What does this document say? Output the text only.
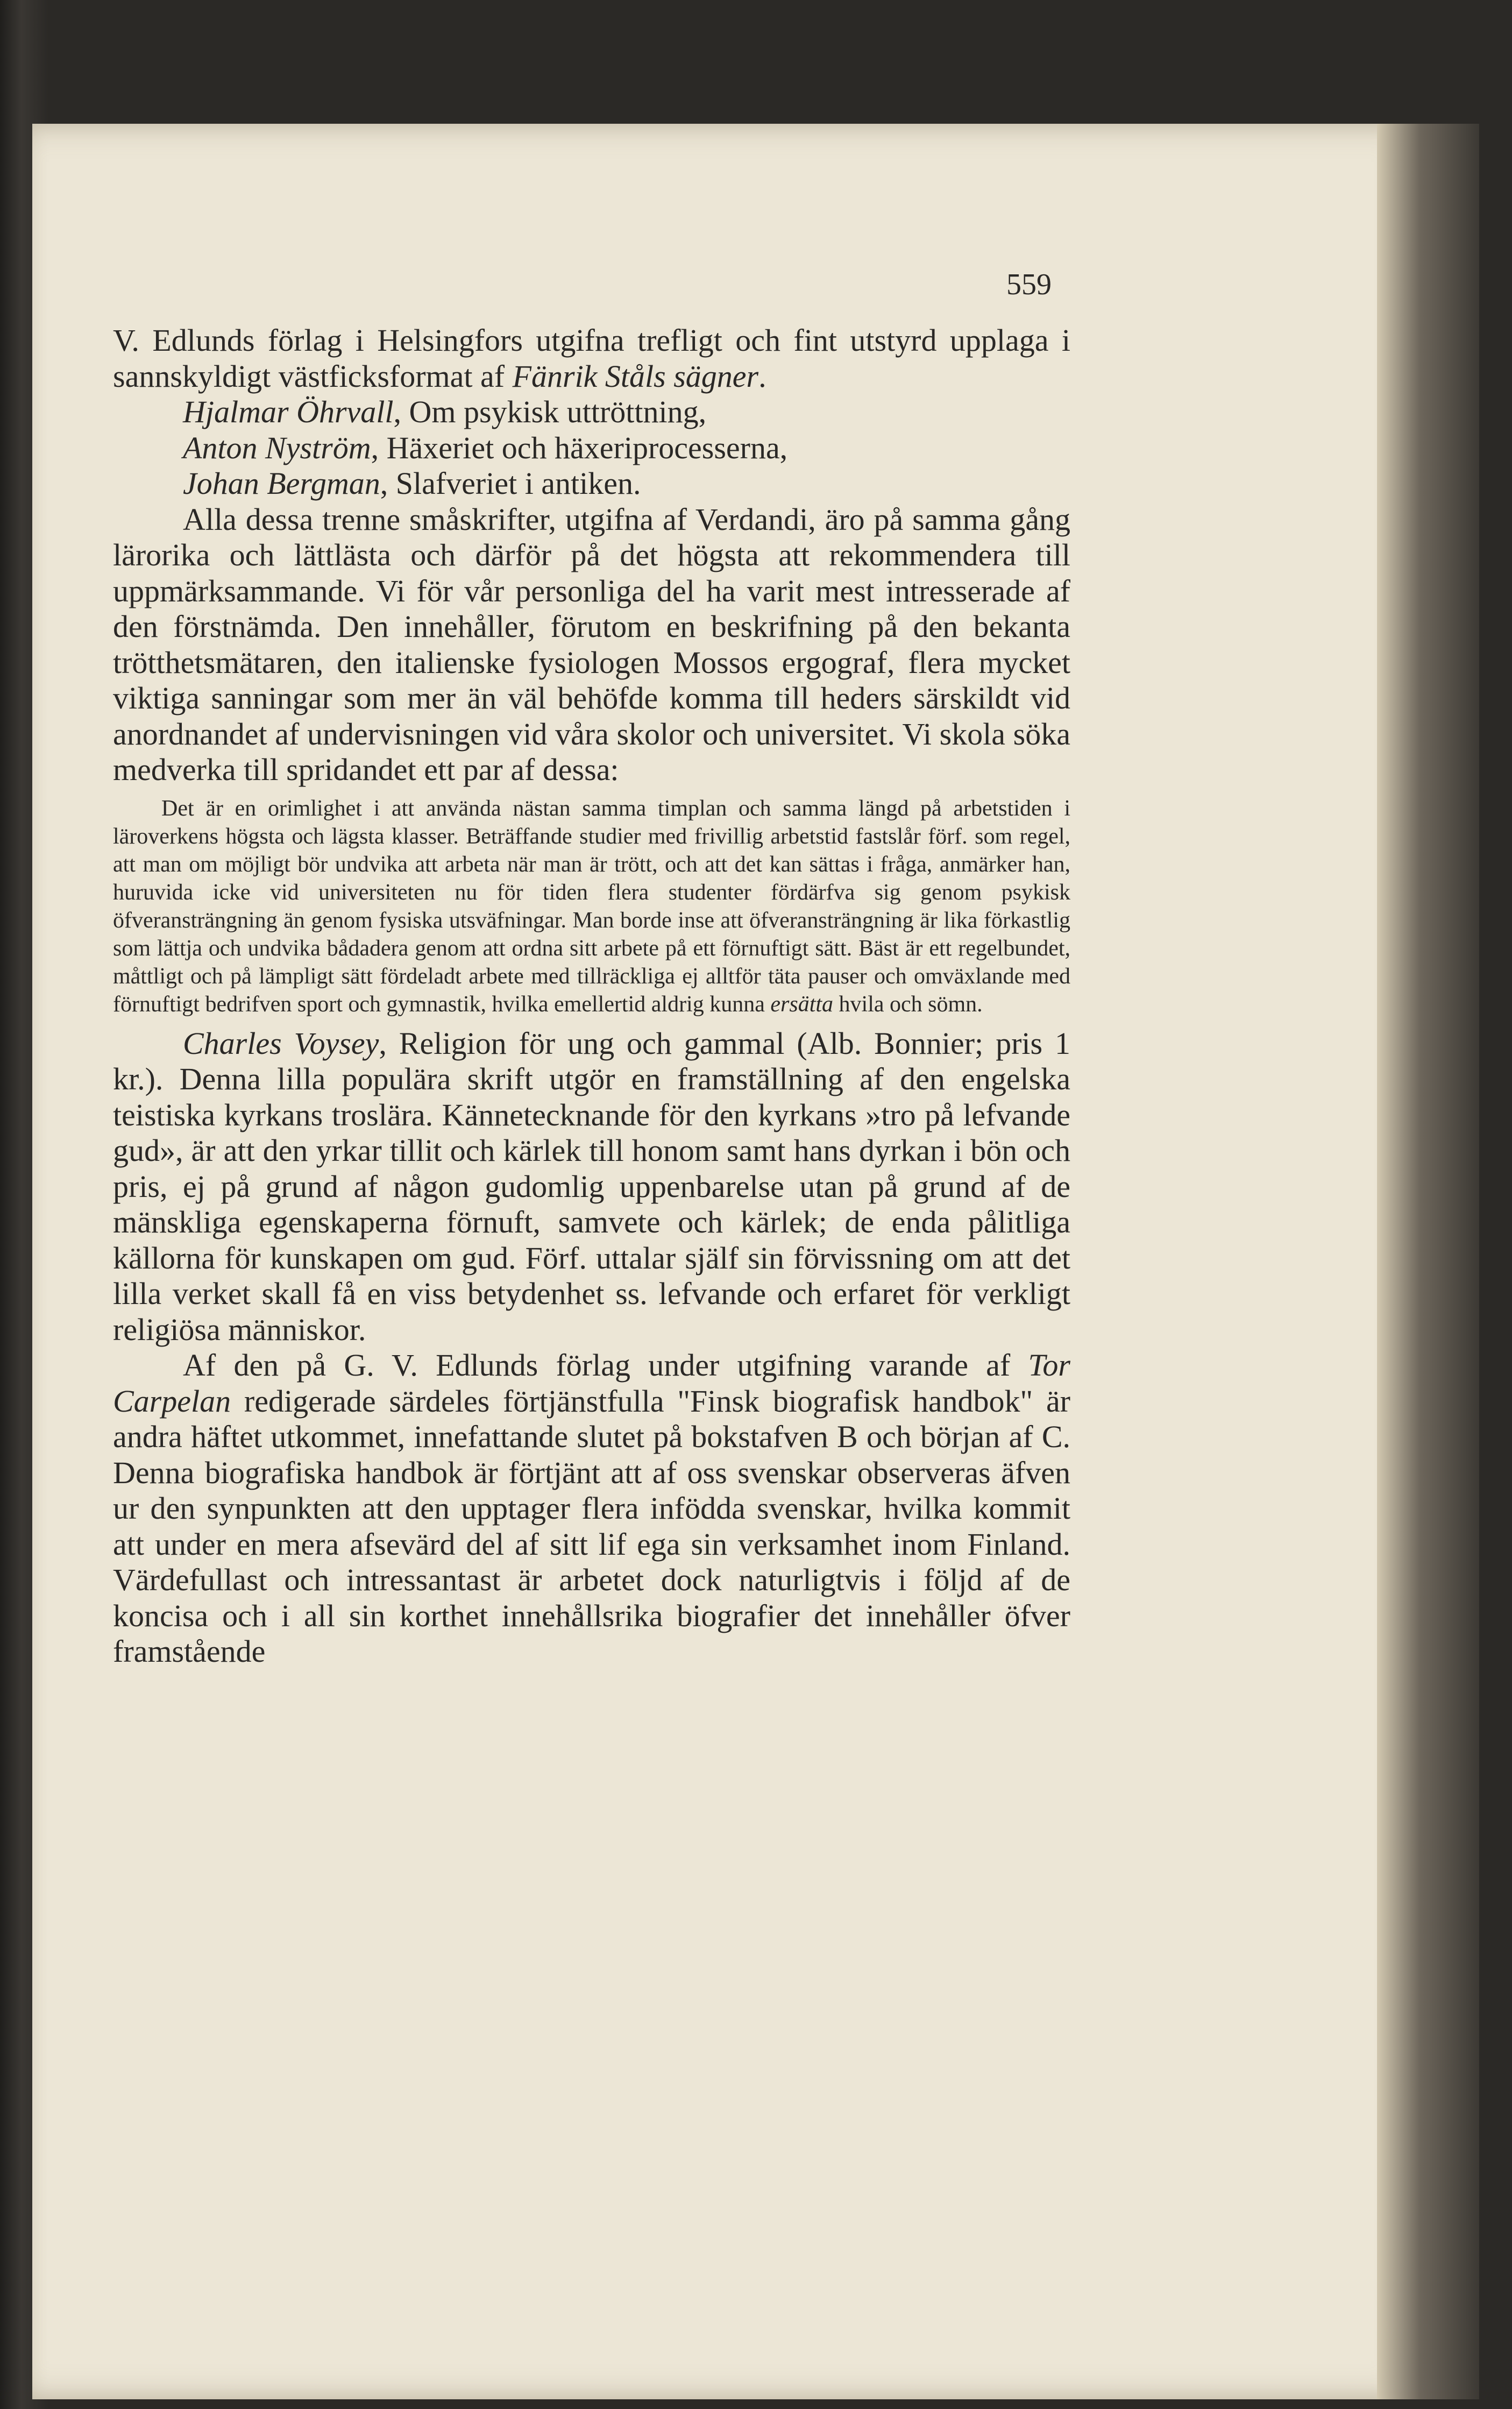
559

V. Edlunds förlag i Helsingfors utgifna trefligt och fint utstyrd upplaga i sannskyldigt västficksformat af Fänrik Ståls sägner.

Hjalmar Öhrvall, Om psykisk uttröttning,

Anton Nyström, Häxeriet och häxeriprocesserna,

Johan Bergman, Slafveriet i antiken.

Alla dessa trenne småskrifter, utgifna af Verdandi, äro på samma gång lärorika och lättlästa och därför på det högsta att rekommendera till uppmärksammande. Vi för vår personliga del ha varit mest intresserade af den förstnämda. Den innehåller, förutom en beskrifning på den bekanta trötthetsmätaren, den italienske fysiologen Mossos ergograf, flera mycket viktiga sanningar som mer än väl behöfde komma till heders särskildt vid anordnandet af undervisningen vid våra skolor och universitet. Vi skola söka medverka till spridandet ett par af dessa:

Det är en orimlighet i att använda nästan samma timplan och samma längd på arbetstiden i läroverkens högsta och lägsta klasser. Beträffande studier med frivillig arbetstid fastslår förf. som regel, att man om möjligt bör undvika att arbeta när man är trött, och att det kan sättas i fråga, anmärker han, huruvida icke vid universiteten nu för tiden flera studenter fördärfva sig genom psykisk öfveransträngning än genom fysiska utsväfningar. Man borde inse att öfveransträngning är lika förkastlig som lättja och undvika bådadera genom att ordna sitt arbete på ett förnuftigt sätt. Bäst är ett regelbundet, måttligt och på lämpligt sätt fördeladt arbete med tillräckliga ej alltför täta pauser och omväxlande med förnuftigt bedrifven sport och gymnastik, hvilka emellertid aldrig kunna ersätta hvila och sömn.

Charles Voysey, Religion för ung och gammal (Alb. Bonnier; pris 1 kr.). Denna lilla populära skrift utgör en framställning af den engelska teistiska kyrkans troslära. Kännetecknande för den kyrkans »tro på lefvande gud», är att den yrkar tillit och kärlek till honom samt hans dyrkan i bön och pris, ej på grund af någon gudomlig uppenbarelse utan på grund af de mänskliga egenskaperna förnuft, samvete och kärlek; de enda pålitliga källorna för kunskapen om gud. Förf. uttalar själf sin förvissning om att det lilla verket skall få en viss betydenhet ss. lefvande och erfaret för verkligt religiösa människor.

Af den på G. V. Edlunds förlag under utgifning varande af Tor Carpelan redigerade särdeles förtjänstfulla "Finsk biografisk handbok" är andra häftet utkommet, innefattande slutet på bokstafven B och början af C. Denna biografiska handbok är förtjänt att af oss svenskar observeras äfven ur den synpunkten att den upptager flera infödda svenskar, hvilka kommit att under en mera afsevärd del af sitt lif ega sin verksamhet inom Finland. Värdefullast och intressantast är arbetet dock naturligtvis i följd af de koncisa och i all sin korthet innehållsrika biografier det innehåller öfver framstående
